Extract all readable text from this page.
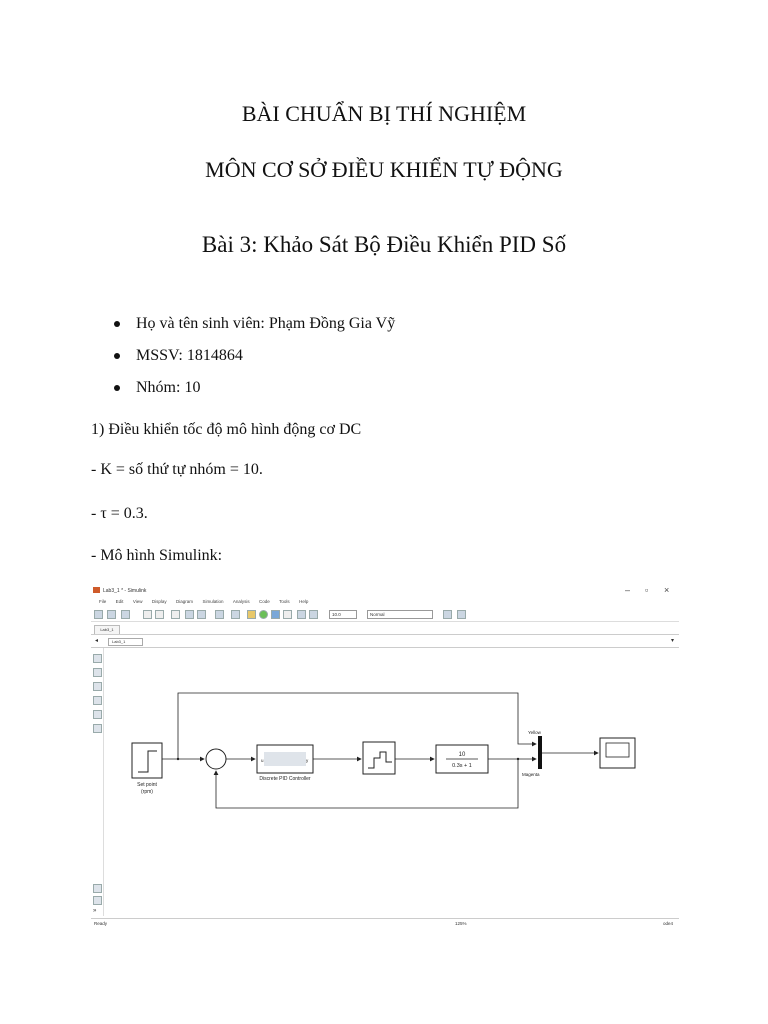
BÀI CHUẨN BỊ THÍ NGHIỆM
MÔN CƠ SỞ ĐIỀU KHIỂN TỰ ĐỘNG
Bài 3: Khảo Sát Bộ Điều Khiển PID Số
Họ và tên sinh viên: Phạm Đồng Gia Vỹ
MSSV: 1814864
Nhóm: 10
1) Điều khiển tốc độ mô hình động cơ DC
- K = số thứ tự nhóm = 10.
- τ = 0.3.
- Mô hình Simulink:
Lab3_1 * - Simulink	– ▫ ×
File Edit View Display Diagram Simulation Analysis Code Tools Help
10.0	Normal
Lab3_1
◂	Lab3_1	▾
»
Set point
(rpm)
u	y
Discrete PID Controller
10
0.3s + 1
Yellow
Magenta
Ready	125%	ode4
